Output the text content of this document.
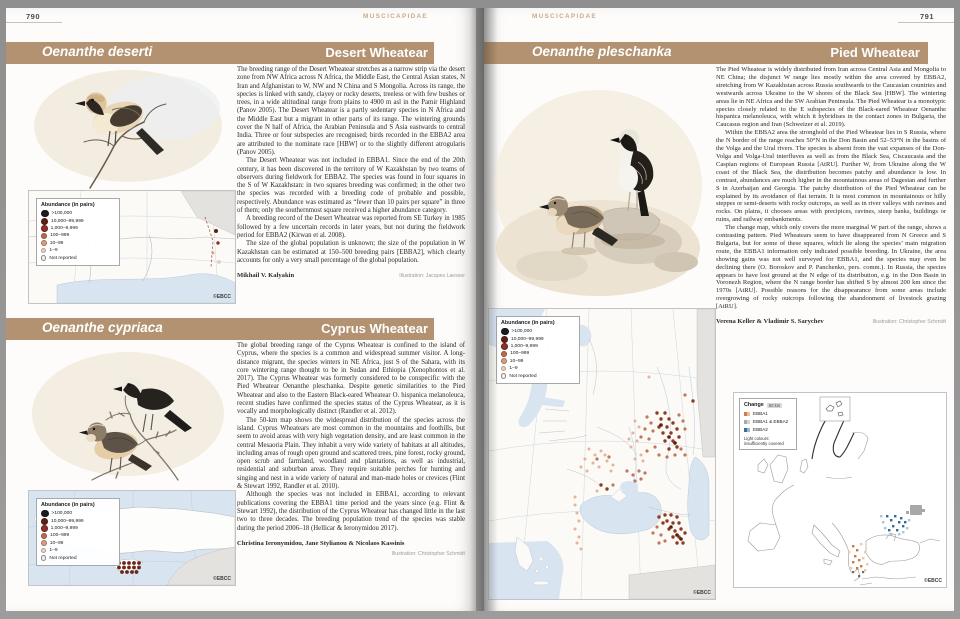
790	MUSCICAPIDAE
Oenanthe deserti	Desert Wheatear
Abundance (in pairs)
>100,000
10,000–99,999
1,000–9,999
100–999
10–99
1–9
Not reported
©EBCC

The breeding range of the Desert Wheatear stretches as a narrow strip via the desert zone from NW Africa across N Africa, the Middle East, the Central Asian states, N Iran and Afghanistan to W, NW and N China and S Mongolia. Across its range, the species is linked with sandy, clayey or rocky deserts, treeless or with few bushes or trees, in a wide altitudinal range from plains to 4900 m asl in the Pamir Highland (Panov 2005). The Desert Wheatear is a partly sedentary species in N Africa and the Middle East but a migrant in other parts of its range. The wintering grounds cover the N half of Africa, the Arabian Peninsula and S Asia eastwards to central India. Three or four subspecies are recognised; birds recorded in the EBBA2 area are attributed to the nominate race [HBW] or to the slightly different atrogularis (Panov 2005).

The Desert Wheatear was not included in EBBA1. Since the end of the 20th century, it has been discovered in the territory of W Kazakhstan by two teams of observers during fieldwork for EBBA2. The species was found in four squares in the S of W Kazakhstan: in two squares breeding was confirmed; in the other two the species was recorded with a breeding code of probable and possible, respectively. Abundance was estimated as “fewer than 10 pairs per square” in three of them; only the southernmost square received a higher abundance category.

A breeding record of the Desert Wheatear was reported from SE Turkey in 1985 followed by a few uncertain records in later years, but not during the fieldwork period for EBBA2 (Kirwan et al. 2008).

The size of the global population is unknown; the size of the population in W Kazakhstan can be estimated at 150–500 breeding pairs [EBBA2], which clearly accounts for only a very small percentage of the global population.

Mikhail V. Kalyakin	Illustration: Jacques Laesser
Oenanthe cypriaca	Cyprus Wheatear
Abundance (in pairs)
>100,000
10,000–99,999
1,000–9,999
100–999
10–99
1–9
Not reported
©EBCC

The global breeding range of the Cyprus Wheatear is confined to the island of Cyprus, where the species is a common and widespread summer visitor. A long-distance migrant, the species winters in NE Africa, just S of the Sahara, with its core wintering range thought to be in Sudan and Ethiopia (Xenophontos et al. 2017). The Cyprus Wheatear was formerly considered to be conspecific with the Pied Wheatear Oenanthe pleschanka. Despite genetic similarities to the Pied Wheatear and also to the Eastern Black-eared Wheatear O. hispanica melanoleuca, recent studies have confirmed the species status of the Cyprus Wheatear, as it is vocally and morphologically distinct (Randler et al. 2012).

The 50-km map shows the widespread distribution of the species across the island. Cyprus Wheatears are most common in the mountains and foothills, but seem to avoid areas with very high vegetation density, and are least common in the central Mesaoria Plain. They inhabit a very wide variety of habitats at all altitudes, including areas of rough open ground and scattered trees, pine forest, rocky ground, open scrub and farmland, woodland and plantations, as well as industrial, residential and suburban areas. They require suitable perches for hunting and singing and nest in a wide variety of natural and man-made holes or crevices (Flint & Stewart 1992, Randler et al. 2010).

Although the species was not included in EBBA1, according to relevant publications covering the EBBA1 time period and the years since (e.g. Flint & Stewart 1992), the distribution of the Cyprus Wheatear has changed little in the last two to three decades. The breeding population trend of the species was stable during the period 2006–18 (Hellicar & Ieronymidou 2017).

Christina Ieronymidou, Jane Stylianou & Nicolaos Kassinis
Illustration: Christopher Schmidt
MUSCICAPIDAE	791
Oenanthe pleschanka	Pied Wheatear
Abundance (in pairs)
>100,000
10,000–99,999
1,000–9,999
100–999
10–99
1–9
Not reported
©EBCC

The Pied Wheatear is widely distributed from Iran across Central Asia and Mongolia to NE China; the disjunct W range lies mostly within the area covered by EBBA2, stretching from W Kazakhstan across Russia southwards to the Caucasian countries and westwards across Ukraine to the W shores of the Black Sea [HBW]. The wintering areas lie in NE Africa and the SW Arabian Peninsula. The Pied Wheatear is a monotypic species closely related to the E subspecies of the Black-eared Wheatear Oenanthe hispanica melanoleuca, with which it hybridises in the contact zones in Bulgaria, the Caucasus region and Iran (Schweizer et al. 2019).

Within the EBBA2 area the stronghold of the Pied Wheatear lies in S Russia, where the N border of the range reaches 50°N in the Don Basin and 52–53°N in the basins of the Volga and the Ural rivers. The species is absent from the vast expanses of the Don-Volga and Volga-Ural interfluves as well as from the Black Sea, Ciscaucasia and the Caspian regions of European Russia [AtRU]. Further W, from Ukraine along the W coast of the Black Sea, the distribution becomes patchy and abundance is low. In contrast, abundances are much higher in the mountainous areas of Dagestan and further S in Azerbaijan and Georgia. The patchy distribution of the Pied Wheatear can be explained by its avoidance of flat terrain. It is most common in mountainous or hilly steppes or semi-deserts with rocky outcrops, as well as in river valleys with ravines and rocks. On plains, it chooses areas with precipices, ravines, steep banks, buildings or ruins, and railway embankments.

The change map, which only covers the more marginal W part of the range, shows a contrasting pattern. Pied Wheatears seem to have disappeared from N Greece and S Bulgaria, but for some of these squares, which lie along the species’ main migration route, the EBBA1 information only indicated possible breeding. In Ukraine, the area showing gains was not well surveyed for EBBA1, and the species may even be declining there (O. Boroskov and P. Panchenko, pers. comm.). In Russia, the species appears to have lost ground at the N edge of its distribution, e.g. in the Don Basin in Voronezh Region, where the N range border has shifted S by almost 200 km since the 1970s [AtRU]. Possible reasons for the disappearance from some areas include overgrowing of rocky outcrops following the abandonment of livestock grazing [AtRU].

Verena Keller & Vladimir S. Sarychev	Illustration: Christopher Schmidt
Change	50 km
EBBA1
EBBA1 & EBBA2
EBBA2
Light colours: insufficiently covered
©EBCC
